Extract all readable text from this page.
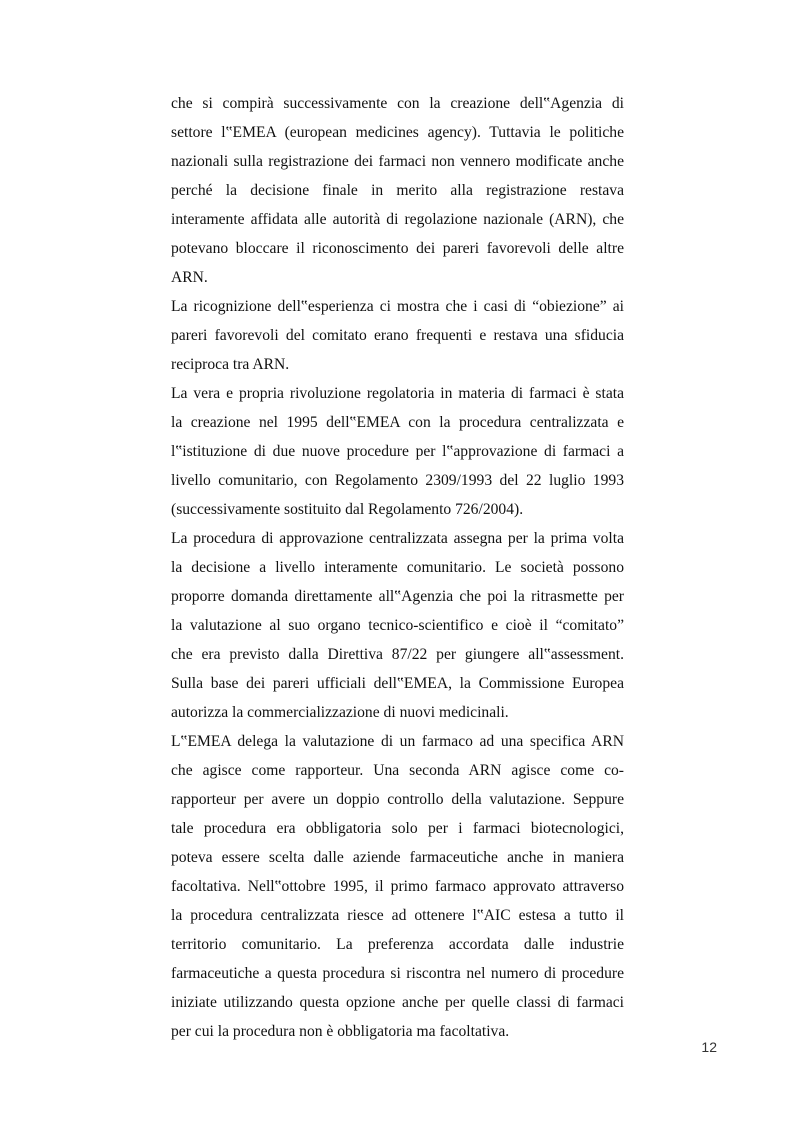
che si compirà successivamente con la creazione dell‟Agenzia di
settore l‟EMEA (european medicines agency). Tuttavia le politiche
nazionali sulla registrazione dei farmaci non vennero modificate anche
perché la decisione finale in merito alla registrazione restava
interamente affidata alle autorità di regolazione nazionale (ARN), che
potevano bloccare il riconoscimento dei pareri favorevoli delle altre
ARN.
La ricognizione dell‟esperienza ci mostra che i casi di “obiezione” ai
pareri favorevoli del comitato erano frequenti e restava una sfiducia
reciproca tra ARN.
La vera e propria rivoluzione regolatoria in materia di farmaci è stata
la creazione nel 1995 dell‟EMEA con la procedura centralizzata e
l‟istituzione di due nuove procedure per l‟approvazione di farmaci a
livello comunitario, con Regolamento 2309/1993 del 22 luglio 1993
(successivamente sostituito dal Regolamento 726/2004).
La procedura di approvazione centralizzata assegna per la prima volta
la decisione a livello interamente comunitario. Le società possono
proporre domanda direttamente all‟Agenzia che poi la ritrasmette per
la valutazione al suo organo tecnico-scientifico e cioè il “comitato”
che era previsto dalla Direttiva 87/22 per giungere all‟assessment.
Sulla base dei pareri ufficiali dell‟EMEA, la Commissione Europea
autorizza la commercializzazione di nuovi medicinali.
L‟EMEA delega la valutazione di un farmaco ad una specifica ARN
che agisce come rapporteur. Una seconda ARN agisce come co-
rapporteur per avere un doppio controllo della valutazione. Seppure
tale procedura era obbligatoria solo per i farmaci biotecnologici,
poteva essere scelta dalle aziende farmaceutiche anche in maniera
facoltativa. Nell‟ottobre 1995, il primo farmaco approvato attraverso
la procedura centralizzata riesce ad ottenere l‟AIC estesa a tutto il
territorio comunitario. La preferenza accordata dalle industrie
farmaceutiche a questa procedura si riscontra nel numero di procedure
iniziate utilizzando questa opzione anche per quelle classi di farmaci
per cui la procedura non è obbligatoria ma facoltativa.
12
